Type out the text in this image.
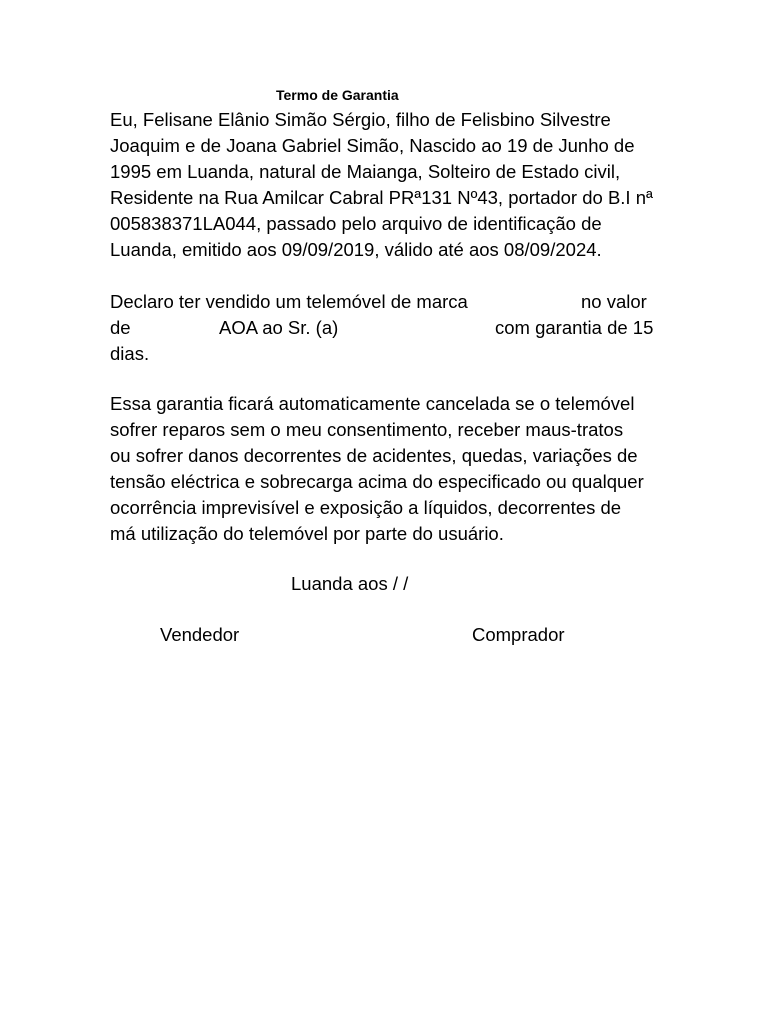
Termo de Garantia
Eu, Felisane Elânio Simão Sérgio, filho de Felisbino Silvestre
Joaquim e de Joana Gabriel Simão, Nascido ao 19 de Junho de
1995 em Luanda, natural de Maianga, Solteiro de Estado civil,
Residente na Rua Amilcar Cabral PRª131 Nº43, portador do B.I nª
005838371LA044, passado pelo arquivo de identificação de
Luanda, emitido aos 09/09/2019, válido até aos 08/09/2024.
Declaro ter vendido um telemóvel de marca	no valor
de	AOA ao Sr. (a)	com garantia de 15
dias.
Essa garantia ficará automaticamente cancelada se o telemóvel
sofrer reparos sem o meu consentimento, receber maus-tratos
ou sofrer danos decorrentes de acidentes, quedas, variações de
tensão eléctrica e sobrecarga acima do especificado ou qualquer
ocorrência imprevisível e exposição a líquidos, decorrentes de
má utilização do telemóvel por parte do usuário.
Luanda aos / /
Vendedor	Comprador
